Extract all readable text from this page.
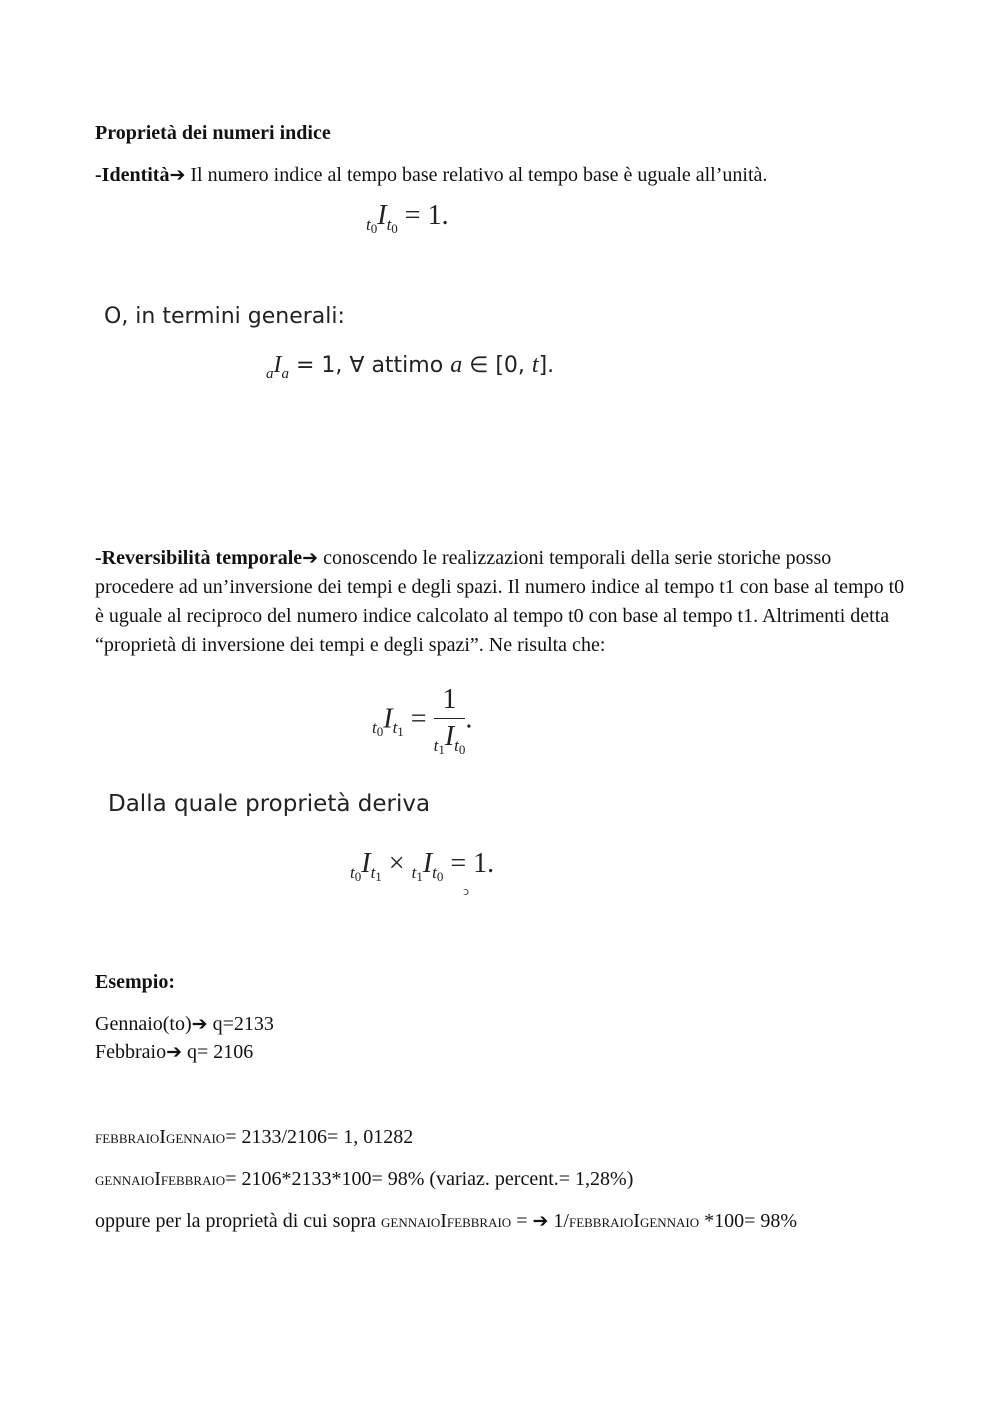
Proprietà dei numeri indice
-Identità➔ Il numero indice al tempo base relativo al tempo base è uguale all’unità.
$_{t0}I_{t0} = 1$.
O, in termini generali:
$_aI_a = 1$, ∀ attimo a ∈ [0, t].
-Reversibilità temporale➔ conoscendo le realizzazioni temporali della serie storiche posso procedere ad un’inversione dei tempi e degli spazi. Il numero indice al tempo t1 con base al tempo t0 è uguale al reciproco del numero indice calcolato al tempo t0 con base al tempo t1. Altrimenti detta “proprietà di inversione dei tempi e degli spazi”. Ne risulta che:
$_{t0}I_{t1} = \frac{1}{_{t1}I_{t0}}$ .
Dalla quale proprietà deriva
$_{t0}I_{t1} \times _{t1}I_{t0} = 1$.
ↄ
Esempio:
Gennaio(to)➔ q=2133
Febbraio➔ q= 2106
FEBBRAIOIGENNAIO= 2133/2106= 1, 01282
GENNAIOIFEBBRAIO= 2106*2133*100= 98% (variaz. percent.= 1,28%)
oppure per la proprietà di cui sopra GENNAIOIFEBBRAIO = ➔ 1/FEBBRAIOIGENNAIO *100= 98%
